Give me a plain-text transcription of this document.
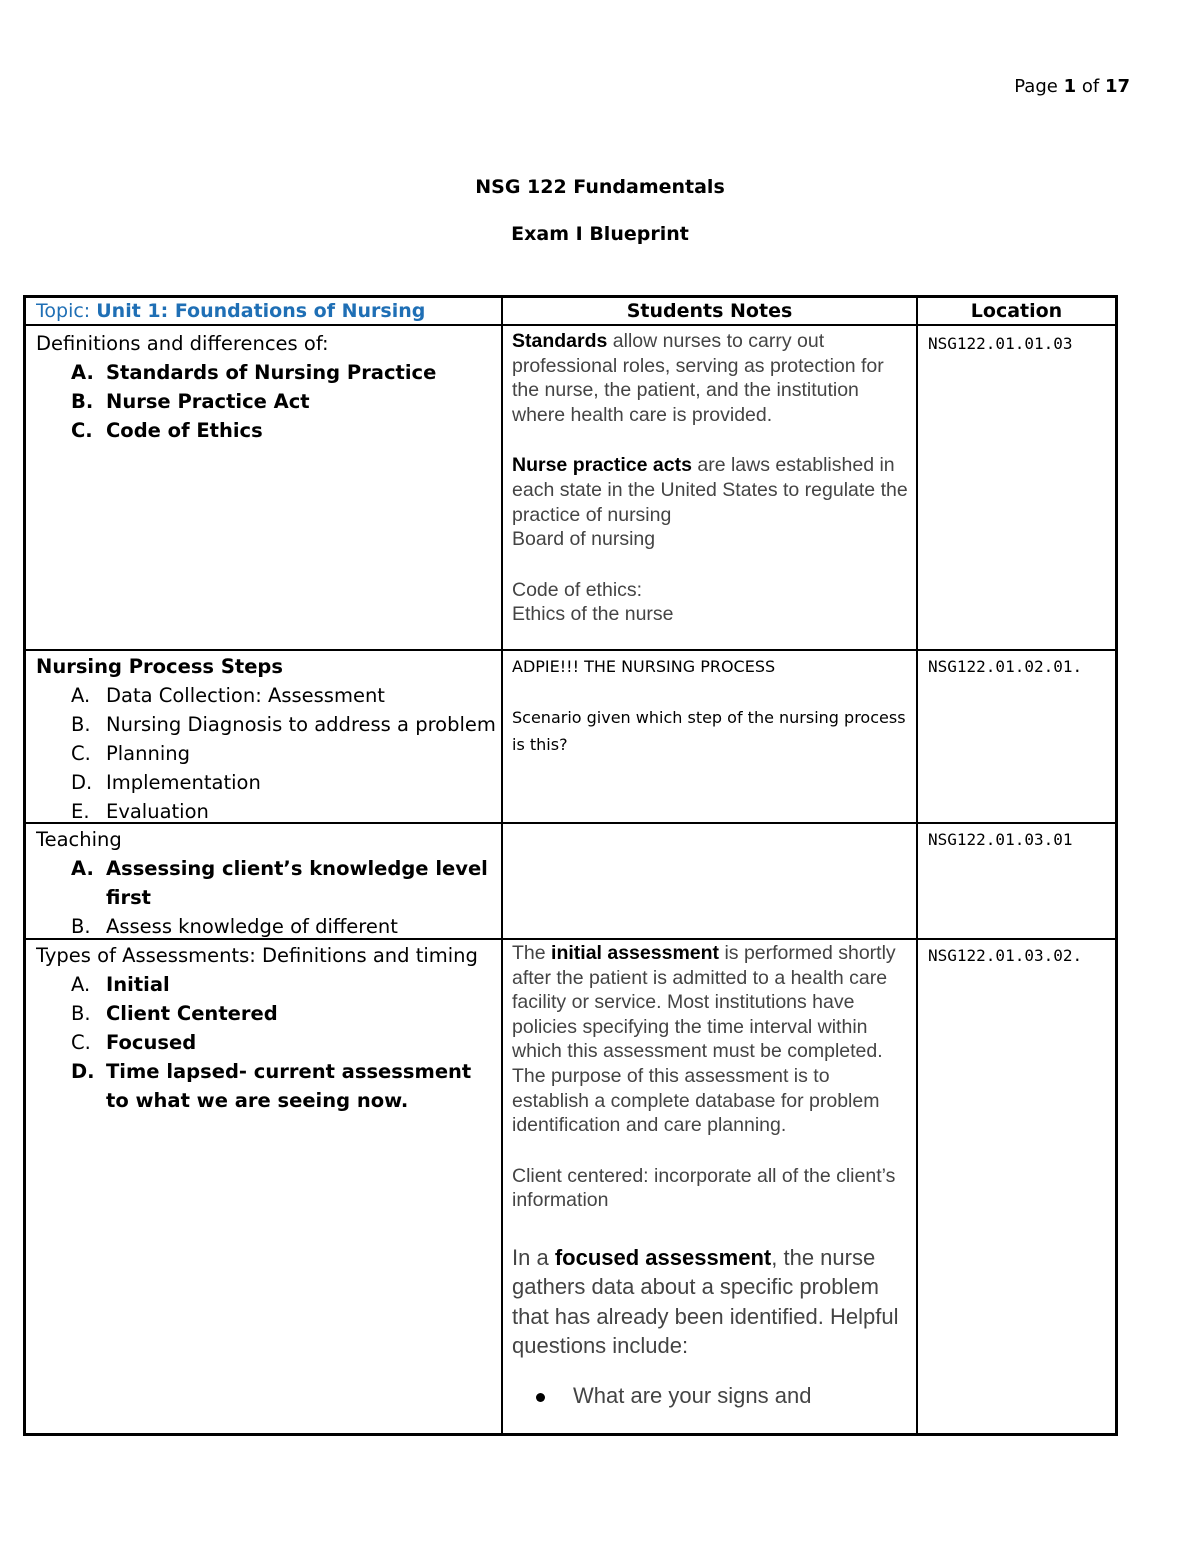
Page 1 of 17
NSG 122 Fundamentals
Exam I Blueprint
Topic: Unit 1: Foundations of Nursing	Students Notes	Location
Definitions and differences of:
A. Standards of Nursing Practice
B. Nurse Practice Act
C. Code of Ethics

Standards allow nurses to carry out professional roles, serving as protection for the nurse, the patient, and the institution where health care is provided.

Nurse practice acts are laws established in each state in the United States to regulate the practice of nursing

Board of nursing

Code of ethics:

Ethics of the nurse

NSG122.01.01.03
Nursing Process Steps
A. Data Collection: Assessment
B. Nursing Diagnosis to address a problem
C. Planning
D. Implementation
E. Evaluation

ADPIE!!! THE NURSING PROCESS

Scenario given which step of the nursing process is this?

NSG122.01.02.01.
Teaching
A. Assessing client’s knowledge level first
B. Assess knowledge of different
NSG122.01.03.01
Types of Assessments: Definitions and timing
A. Initial
B. Client Centered
C. Focused
D. Time lapsed- current assessment to what we are seeing now.

The initial assessment is performed shortly after the patient is admitted to a health care facility or service. Most institutions have policies specifying the time interval within which this assessment must be completed. The purpose of this assessment is to establish a complete database for problem identification and care planning.

Client centered: incorporate all of the client’s information

In a focused assessment, the nurse gathers data about a specific problem that has already been identified. Helpful questions include:

What are your signs and

NSG122.01.03.02.
